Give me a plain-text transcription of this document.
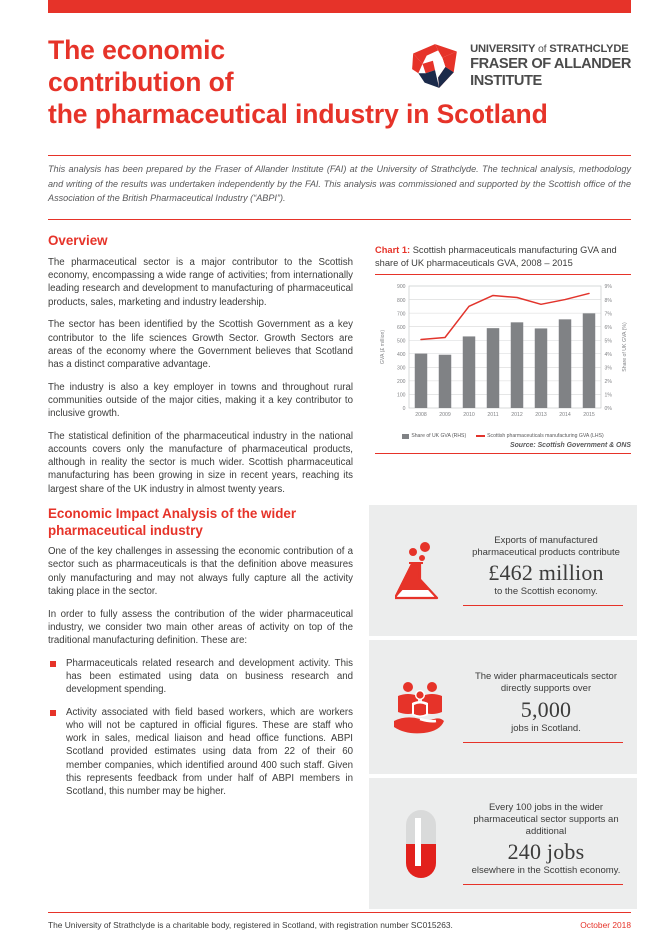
The economic
contribution of
the pharmaceutical industry in Scotland
UNIVERSITY of STRATHCLYDE
FRASER OF ALLANDER
INSTITUTE
This analysis has been prepared by the Fraser of Allander Institute (FAI) at the University of Strathclyde. The technical analysis, methodology and writing of the results was undertaken independently by the FAI. This analysis was commissioned and supported by the Scottish office of the Association of the British Pharmaceutical Industry (“ABPI”).
Overview

The pharmaceutical sector is a major contributor to the Scottish economy, encompassing a wide range of activities; from internationally leading research and development to manufacturing of pharmaceutical products, sales, marketing and industry leadership.

The sector has been identified by the Scottish Government as a key contributor to the life sciences Growth Sector. Growth Sectors are areas of the economy where the Government believes that Scotland has a distinct comparative advantage.

The industry is also a key employer in towns and throughout rural communities outside of the major cities, making it a key contributor to inclusive growth.

The statistical definition of the pharmaceutical industry in the national accounts covers only the manufacture of pharmaceutical products, although in reality the sector is much wider. Scottish pharmaceutical manufacturing has been growing in size in recent years, reaching its largest share of the UK industry in almost twenty years.

Economic Impact Analysis of the wider
pharmaceutical industry

One of the key challenges in assessing the economic contribution of a sector such as pharmaceuticals is that the definition above measures only manufacturing and may not always fully capture all the activity taking place in the sector.

In order to fully assess the contribution of the wider pharmaceutical industry, we consider two main other areas of activity on top of the traditional manufacturing definition. These are:

Pharmaceuticals related research and development activity. This has been estimated using data on business research and development spending.
Activity associated with field based workers, which are workers who will not be captured in official figures. These are staff who work in sales, medical liaison and head office functions. ABPI Scotland provided estimates using data from 22 of their 60 member companies, which identified around 400 such staff. Given this represents feedback from under half of ABPI members in Scotland, this number may be higher.
Chart 1: Scottish pharmaceuticals manufacturing GVA and share of UK pharmaceuticals GVA, 2008 – 2015
0
100
200
300
400
500
600
700
800
900
0%
1%
2%
3%
4%
5%
6%
7%
8%
9%
2008 2009 2010 2011 2012 2013 2014 2015
GVA (£ million)	Share of UK GVA (%)
Share of UK GVA (RHS)	Scottish pharmaceuticals manufacturing GVA (LHS)
Source: Scottish Government & ONS
Exports of manufactured pharmaceutical products contribute
£462 million
to the Scottish economy.
The wider pharmaceuticals sector directly supports over
5,000
jobs in Scotland.
Every 100 jobs in the wider pharmaceutical sector supports an additional
240 jobs
elsewhere in the Scottish economy.
The University of Strathclyde is a charitable body, registered in Scotland, with registration number SC015263.	October 2018
